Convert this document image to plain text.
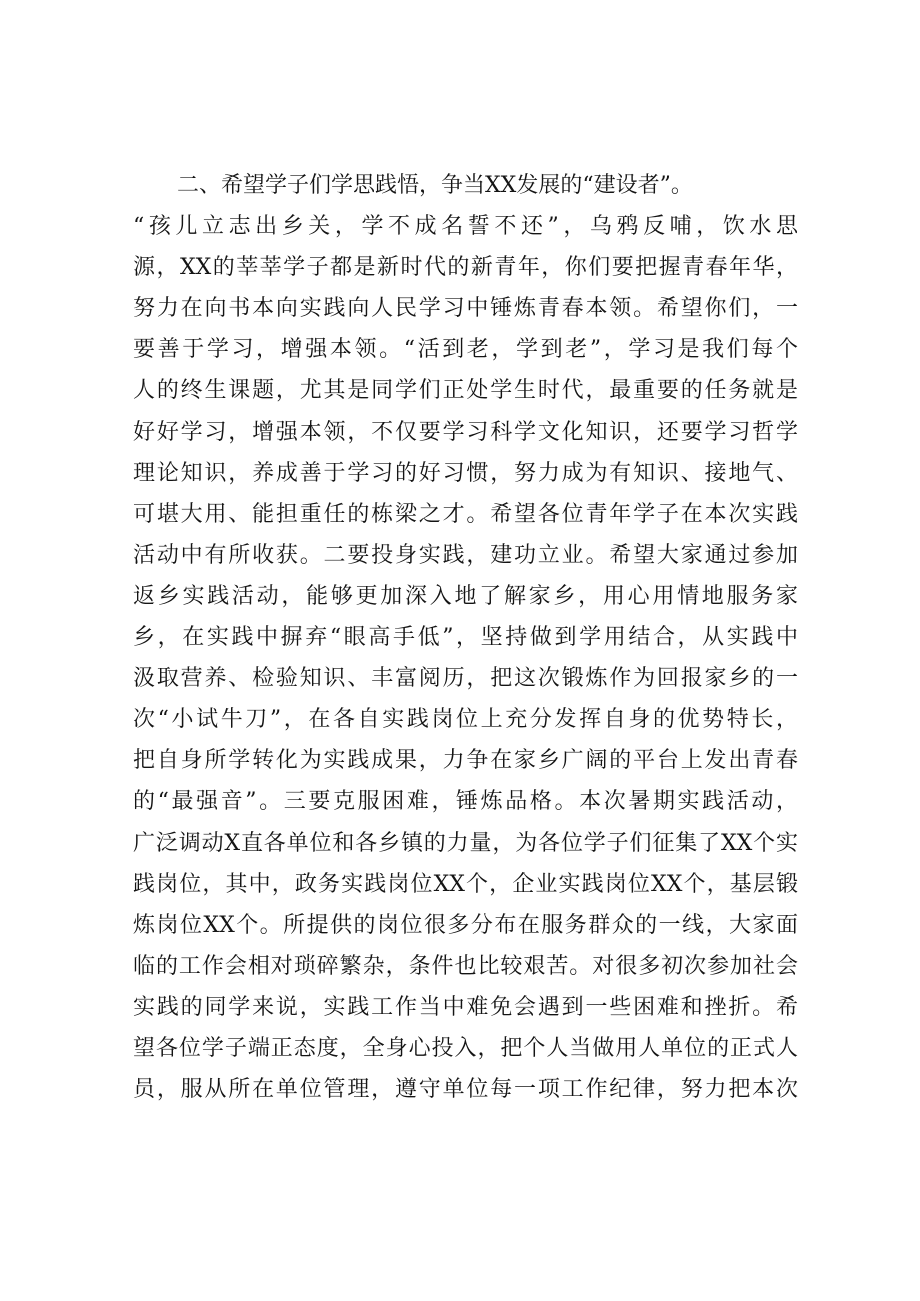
二、希望学子们学思践悟，争当XX发展的“建设者”。
“孩儿立志出乡关，学不成名誓不还”，乌鸦反哺，饮水思
源，XX的莘莘学子都是新时代的新青年，你们要把握青春年华，
努力在向书本向实践向人民学习中锤炼青春本领。希望你们，一
要善于学习，增强本领。“活到老，学到老”，学习是我们每个
人的终生课题，尤其是同学们正处学生时代，最重要的任务就是
好好学习，增强本领，不仅要学习科学文化知识，还要学习哲学
理论知识，养成善于学习的好习惯，努力成为有知识、接地气、
可堪大用、能担重任的栋梁之才。希望各位青年学子在本次实践
活动中有所收获。二要投身实践，建功立业。希望大家通过参加
返乡实践活动，能够更加深入地了解家乡，用心用情地服务家
乡，在实践中摒弃“眼高手低”，坚持做到学用结合，从实践中
汲取营养、检验知识、丰富阅历，把这次锻炼作为回报家乡的一
次“小试牛刀”，在各自实践岗位上充分发挥自身的优势特长，
把自身所学转化为实践成果，力争在家乡广阔的平台上发出青春
的“最强音”。三要克服困难，锤炼品格。本次暑期实践活动，
广泛调动X直各单位和各乡镇的力量，为各位学子们征集了XX个实
践岗位，其中，政务实践岗位XX个，企业实践岗位XX个，基层锻
炼岗位XX个。所提供的岗位很多分布在服务群众的一线，大家面
临的工作会相对琐碎繁杂，条件也比较艰苦。对很多初次参加社会
实践的同学来说，实践工作当中难免会遇到一些困难和挫折。希
望各位学子端正态度，全身心投入，把个人当做用人单位的正式人
员，服从所在单位管理，遵守单位每一项工作纪律，努力把本次
